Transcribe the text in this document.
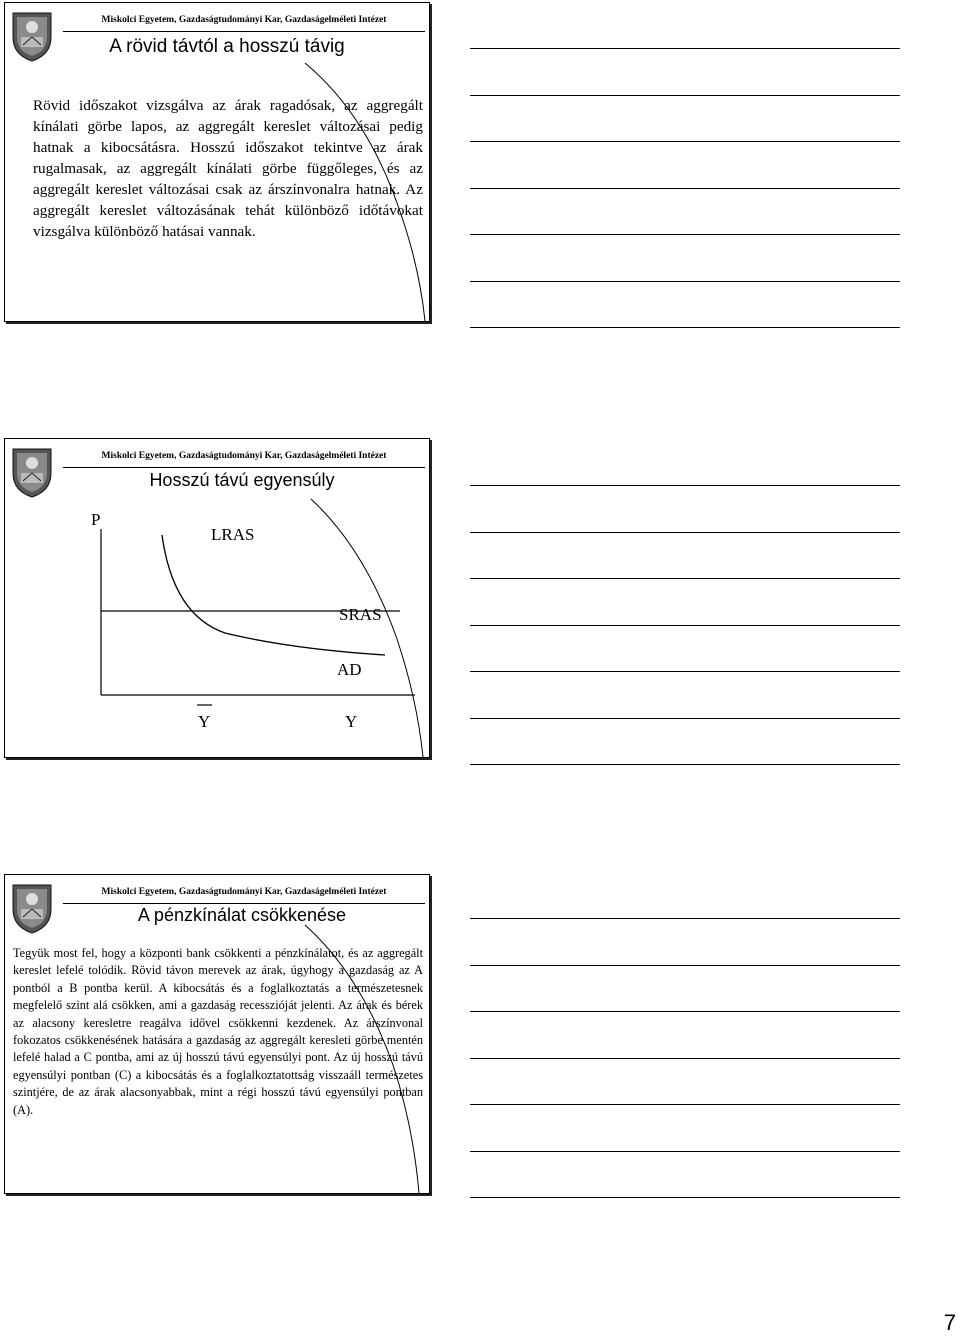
Miskolci Egyetem, Gazdaságtudományi Kar, Gazdaságelméleti Intézet
A rövid távtól a hosszú távig
Rövid időszakot vizsgálva az árak ragadósak, az aggregált kínálati görbe lapos, az aggregált kereslet változásai pedig hatnak a kibocsátásra. Hosszú időszakot tekintve az árak rugalmasak, az aggregált kínálati görbe függőleges, és az aggregált kereslet változásai csak az árszínvonalra hatnak. Az aggregált kereslet változásának tehát különböző időtávokat vizsgálva különböző hatásai vannak.
Miskolci Egyetem, Gazdaságtudományi Kar, Gazdaságelméleti Intézet
Hosszú távú egyensúly
P
LRAS
SRAS
AD
Y	Y
Miskolci Egyetem, Gazdaságtudományi Kar, Gazdaságelméleti Intézet
A pénzkínálat csökkenése
Tegyük most fel, hogy a központi bank csökkenti a pénzkínálatot, és az aggregált kereslet lefelé tolódik. Rövid távon merevek az árak, úgyhogy a gazdaság az A pontból a B pontba kerül. A kibocsátás és a foglalkoztatás a természetesnek megfelelő szint alá csökken, ami a gazdaság recesszióját jelenti. Az árak és bérek az alacsony keresletre reagálva idővel csökkenni kezdenek. Az árszínvonal fokozatos csökkenésének hatására a gazdaság az aggregált keresleti görbe mentén lefelé halad a C pontba, ami az új hosszú távú egyensúlyi pont. Az új hosszú távú egyensúlyi pontban (C) a kibocsátás és a foglalkoztatottság visszaáll természetes szintjére, de az árak alacsonyabbak, mint a régi hosszú távú egyensúlyi pontban (A).
7
